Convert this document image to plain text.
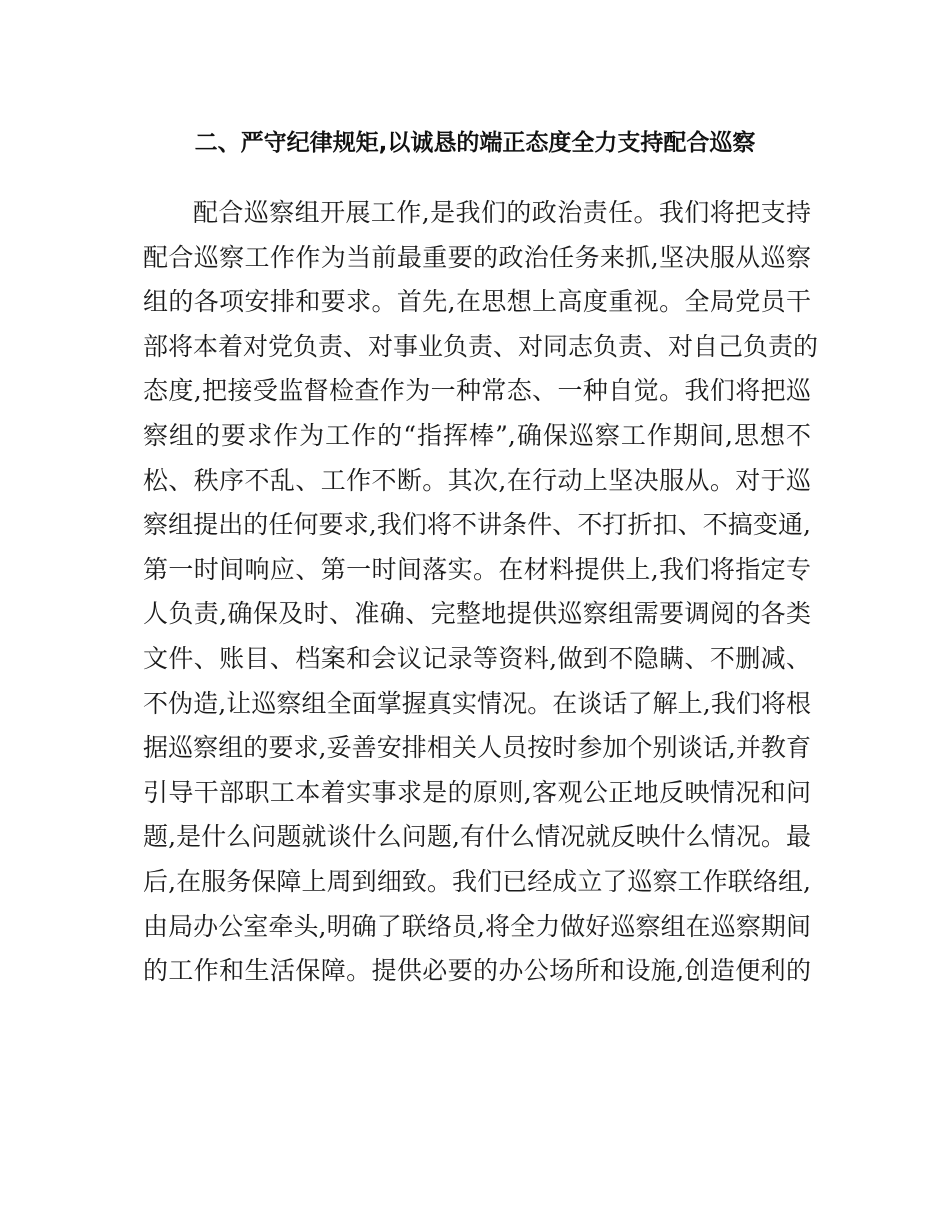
二、严守纪律规矩,以诚恳的端正态度全力支持配合巡察
配合巡察组开展工作,是我们的政治责任。我们将把支持
配合巡察工作作为当前最重要的政治任务来抓,坚决服从巡察
组的各项安排和要求。首先,在思想上高度重视。全局党员干
部将本着对党负责、对事业负责、对同志负责、对自己负责的
态度,把接受监督检查作为一种常态、一种自觉。我们将把巡
察组的要求作为工作的“指挥棒”,确保巡察工作期间,思想不
松、秩序不乱、工作不断。其次,在行动上坚决服从。对于巡
察组提出的任何要求,我们将不讲条件、不打折扣、不搞变通,
第一时间响应、第一时间落实。在材料提供上,我们将指定专
人负责,确保及时、准确、完整地提供巡察组需要调阅的各类
文件、账目、档案和会议记录等资料,做到不隐瞒、不删减、
不伪造,让巡察组全面掌握真实情况。在谈话了解上,我们将根
据巡察组的要求,妥善安排相关人员按时参加个别谈话,并教育
引导干部职工本着实事求是的原则,客观公正地反映情况和问
题,是什么问题就谈什么问题,有什么情况就反映什么情况。最
后,在服务保障上周到细致。我们已经成立了巡察工作联络组,
由局办公室牵头,明确了联络员,将全力做好巡察组在巡察期间
的工作和生活保障。提供必要的办公场所和设施,创造便利的
